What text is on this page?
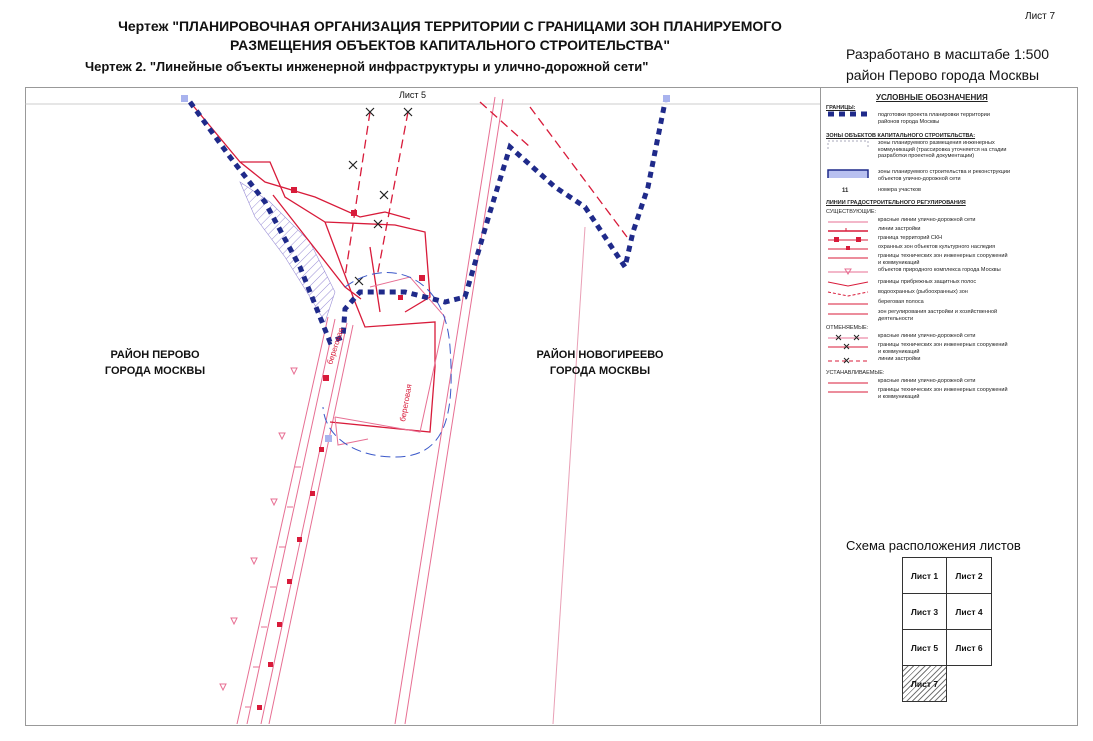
Чертеж "ПЛАНИРОВОЧНАЯ ОРГАНИЗАЦИЯ ТЕРРИТОРИИ С ГРАНИЦАМИ ЗОН ПЛАНИРУЕМОГО
РАЗМЕЩЕНИЯ ОБЪЕКТОВ КАПИТАЛЬНОГО СТРОИТЕЛЬСТВА"
Чертеж 2. "Линейные объекты инженерной инфраструктуры и улично-дорожной сети"
Лист 7
Разработано в масштабе 1:500
район Перово города Москвы
береговая
береговая
Лист 5
РАЙОН ПЕРОВО
ГОРОДА МОСКВЫ
РАЙОН НОВОГИРЕЕВО
ГОРОДА МОСКВЫ
УСЛОВНЫЕ ОБОЗНАЧЕНИЯ
ГРАНИЦЫ:
подготовки проекта планировки территории районов города Москвы
ЗОНЫ ОБЪЕКТОВ КАПИТАЛЬНОГО СТРОИТЕЛЬСТВА:
зоны планируемого размещения инженерных коммуникаций (трассировка уточняется на стадии разработки проектной документации)
зоны планируемого строительства и реконструкции объектов улично-дорожной сети
11	номера участков
ЛИНИИ ГРАДОСТРОИТЕЛЬНОГО РЕГУЛИРОВАНИЯ
СУЩЕСТВУЮЩИЕ:
красные линии улично-дорожной сети
линии застройки
граница территорий СКН
охранных зон объектов культурного наследия
границы технических зон инженерных сооружений и коммуникаций
объектов природного комплекса города Москвы
границы прибрежных защитных полос
водоохранных (рыбоохранных) зон
береговая полоса
зон регулирования застройки и хозяйственной деятельности
ОТМЕНЯЕМЫЕ:
красные линии улично-дорожной сети
границы технических зон инженерных сооружений и коммуникаций
линии застройки
УСТАНАВЛИВАЕМЫЕ:
красные линии улично-дорожной сети
границы технических зон инженерных сооружений и коммуникаций
Схема расположения листов
Лист 1	Лист 2
Лист 3	Лист 4
Лист 5	Лист 6
Лист 7
